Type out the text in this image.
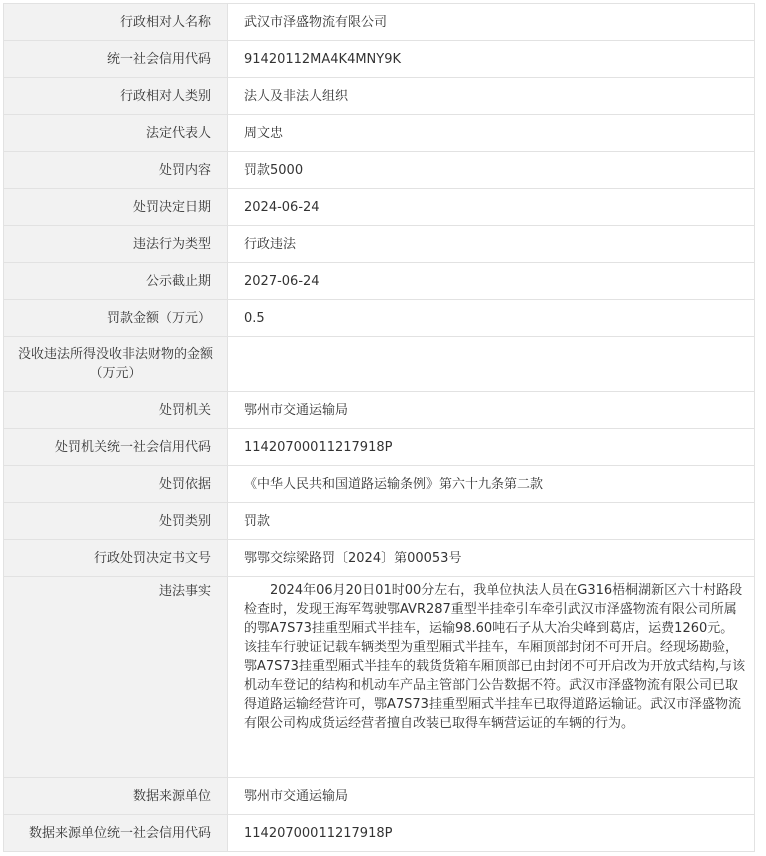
行政相对人名称	武汉市泽盛物流有限公司
统一社会信用代码	91420112MA4K4MNY9K
行政相对人类别	法人及非法人组织
法定代表人	周文忠
处罚内容	罚款5000
处罚决定日期	2024-06-24
违法行为类型	行政违法
公示截止期	2027-06-24
罚款金额（万元）	0.5
没收违法所得没收非法财物的金额（万元）	
处罚机关	鄂州市交通运输局
处罚机关统一社会信用代码	11420700011217918P
处罚依据	《中华人民共和国道路运输条例》第六十九条第二款
处罚类别	罚款
行政处罚决定书文号	鄂鄂交综梁路罚〔2024〕第00053号
违法事实	　　2024年06月20日01时00分左右，我单位执法人员在G316梧桐湖新区六十村路段检查时，发现王海军驾驶鄂AVR287重型半挂牵引车牵引武汉市泽盛物流有限公司所属的鄂A7S73挂重型厢式半挂车，运输98.60吨石子从大冶尖峰到葛店，运费1260元。该挂车行驶证记载车辆类型为重型厢式半挂车，车厢顶部封闭不可开启。经现场勘验，鄂A7S73挂重型厢式半挂车的载货货箱车厢顶部已由封闭不可开启改为开放式结构,与该机动车登记的结构和机动车产品主管部门公告数据不符。武汉市泽盛物流有限公司已取得道路运输经营许可，鄂A7S73挂重型厢式半挂车已取得道路运输证。武汉市泽盛物流有限公司构成货运经营者擅自改装已取得车辆营运证的车辆的行为。
数据来源单位	鄂州市交通运输局
数据来源单位统一社会信用代码	11420700011217918P
